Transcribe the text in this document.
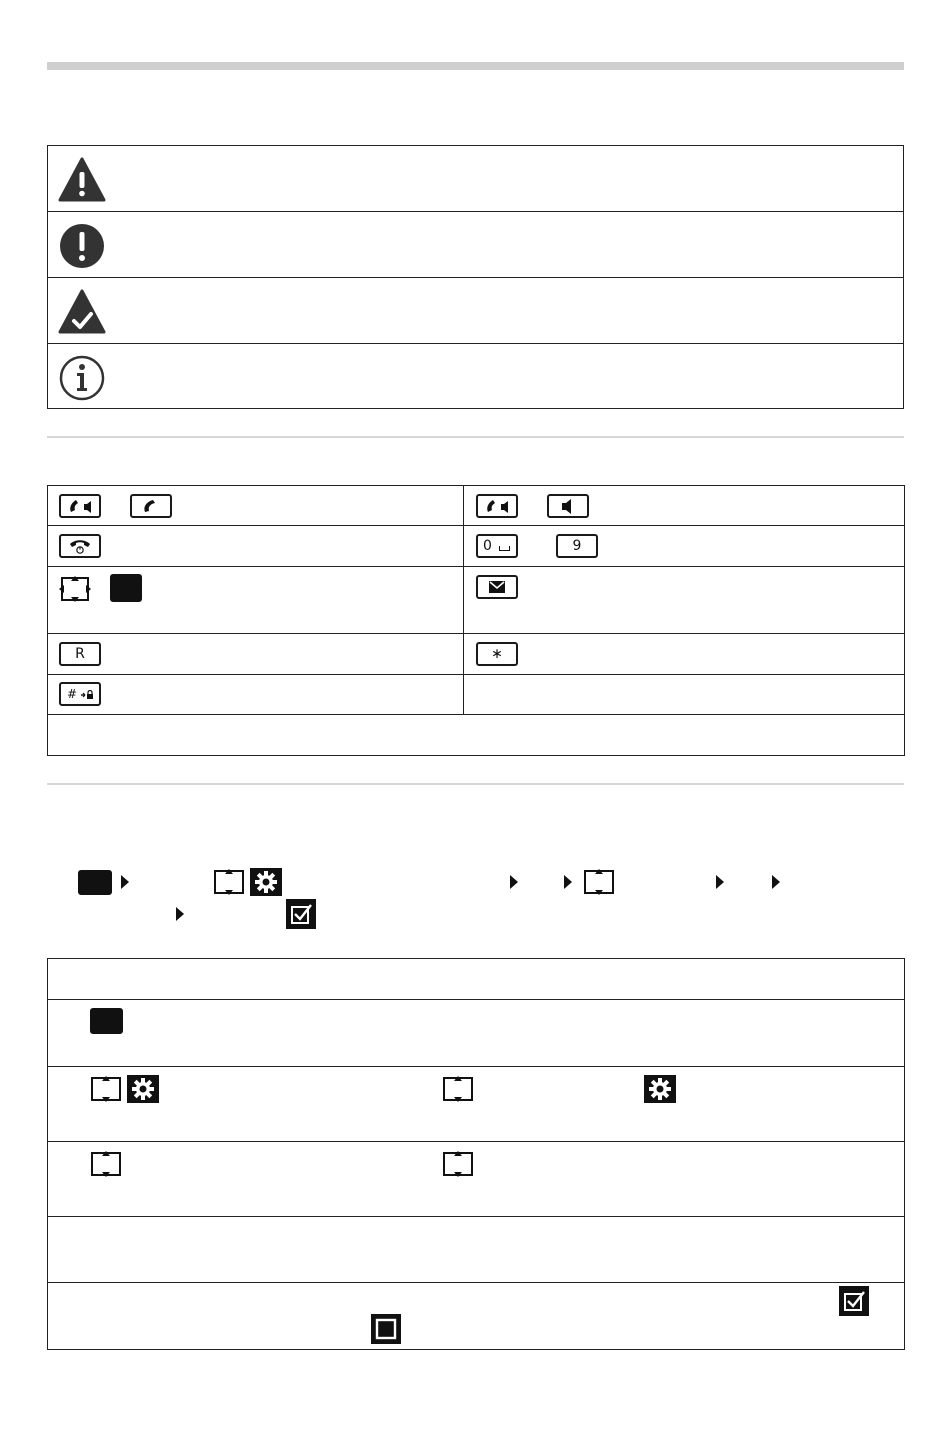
0	9
R	∗
#
